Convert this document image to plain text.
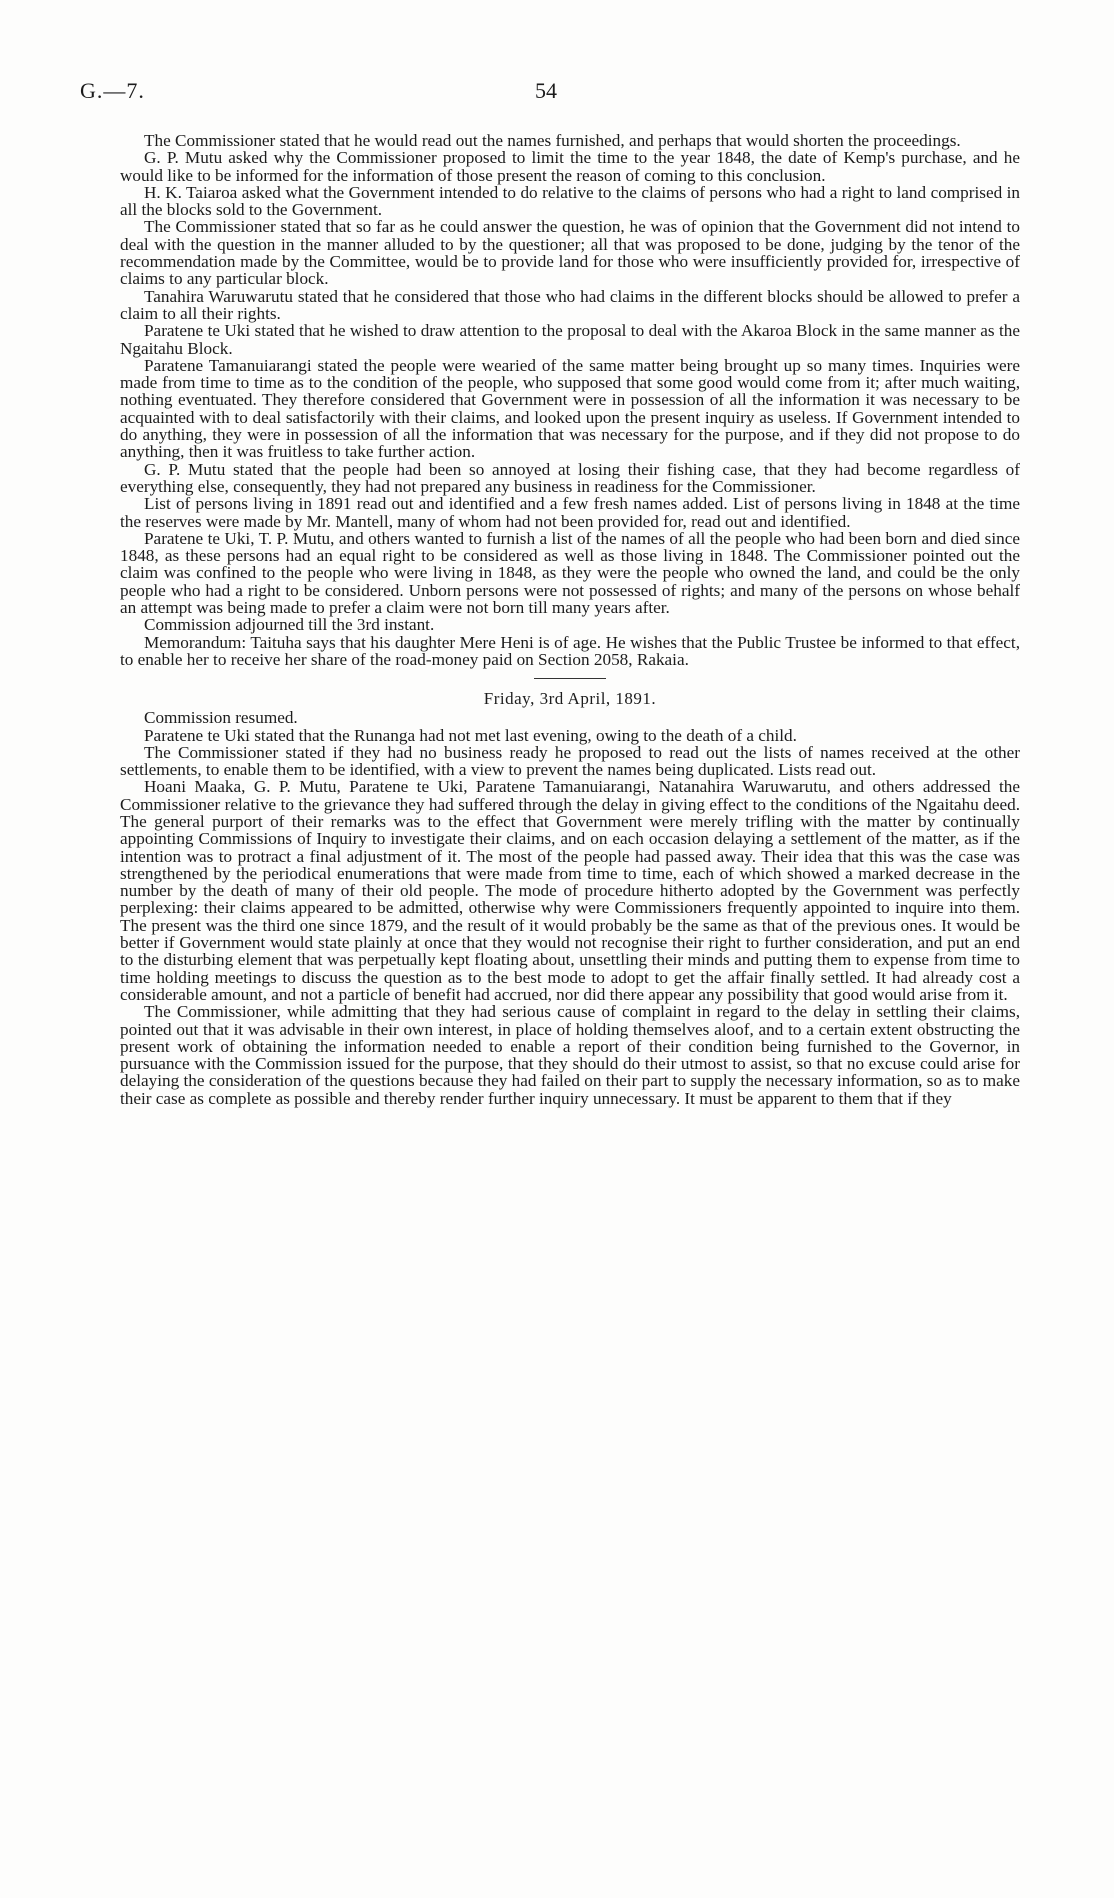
G.—7.	54

The Commissioner stated that he would read out the names furnished, and perhaps that would shorten the proceedings.

G. P. Mutu asked why the Commissioner proposed to limit the time to the year 1848, the date of Kemp's purchase, and he would like to be informed for the information of those present the reason of coming to this conclusion.

H. K. Taiaroa asked what the Government intended to do relative to the claims of persons who had a right to land comprised in all the blocks sold to the Government.

The Commissioner stated that so far as he could answer the question, he was of opinion that the Government did not intend to deal with the question in the manner alluded to by the questioner; all that was proposed to be done, judging by the tenor of the recommendation made by the Committee, would be to provide land for those who were insufficiently provided for, irrespective of claims to any particular block.

Tanahira Waruwarutu stated that he considered that those who had claims in the different blocks should be allowed to prefer a claim to all their rights.

Paratene te Uki stated that he wished to draw attention to the proposal to deal with the Akaroa Block in the same manner as the Ngaitahu Block.

Paratene Tamanuiarangi stated the people were wearied of the same matter being brought up so many times. Inquiries were made from time to time as to the condition of the people, who supposed that some good would come from it; after much waiting, nothing eventuated. They therefore considered that Government were in possession of all the information it was necessary to be acquainted with to deal satisfactorily with their claims, and looked upon the present inquiry as useless. If Government intended to do anything, they were in possession of all the information that was necessary for the purpose, and if they did not propose to do anything, then it was fruitless to take further action.

G. P. Mutu stated that the people had been so annoyed at losing their fishing case, that they had become regardless of everything else, consequently, they had not prepared any business in readiness for the Commissioner.

List of persons living in 1891 read out and identified and a few fresh names added. List of persons living in 1848 at the time the reserves were made by Mr. Mantell, many of whom had not been provided for, read out and identified.

Paratene te Uki, T. P. Mutu, and others wanted to furnish a list of the names of all the people who had been born and died since 1848, as these persons had an equal right to be considered as well as those living in 1848. The Commissioner pointed out the claim was confined to the people who were living in 1848, as they were the people who owned the land, and could be the only people who had a right to be considered. Unborn persons were not possessed of rights; and many of the persons on whose behalf an attempt was being made to prefer a claim were not born till many years after.

Commission adjourned till the 3rd instant.

Memorandum: Taituha says that his daughter Mere Heni is of age. He wishes that the Public Trustee be informed to that effect, to enable her to receive her share of the road-money paid on Section 2058, Rakaia.

Friday, 3rd April, 1891.

Commission resumed.

Paratene te Uki stated that the Runanga had not met last evening, owing to the death of a child.

The Commissioner stated if they had no business ready he proposed to read out the lists of names received at the other settlements, to enable them to be identified, with a view to prevent the names being duplicated. Lists read out.

Hoani Maaka, G. P. Mutu, Paratene te Uki, Paratene Tamanuiarangi, Natanahira Waruwarutu, and others addressed the Commissioner relative to the grievance they had suffered through the delay in giving effect to the conditions of the Ngaitahu deed. The general purport of their remarks was to the effect that Government were merely trifling with the matter by continually appointing Commissions of Inquiry to investigate their claims, and on each occasion delaying a settlement of the matter, as if the intention was to protract a final adjustment of it. The most of the people had passed away. Their idea that this was the case was strengthened by the periodical enumerations that were made from time to time, each of which showed a marked decrease in the number by the death of many of their old people. The mode of procedure hitherto adopted by the Government was perfectly perplexing: their claims appeared to be admitted, otherwise why were Commissioners frequently appointed to inquire into them. The present was the third one since 1879, and the result of it would probably be the same as that of the previous ones. It would be better if Government would state plainly at once that they would not recognise their right to further consideration, and put an end to the disturbing element that was perpetually kept floating about, unsettling their minds and putting them to expense from time to time holding meetings to discuss the question as to the best mode to adopt to get the affair finally settled. It had already cost a considerable amount, and not a particle of benefit had accrued, nor did there appear any possibility that good would arise from it.

The Commissioner, while admitting that they had serious cause of complaint in regard to the delay in settling their claims, pointed out that it was advisable in their own interest, in place of holding themselves aloof, and to a certain extent obstructing the present work of obtaining the information needed to enable a report of their condition being furnished to the Governor, in pursuance with the Commission issued for the purpose, that they should do their utmost to assist, so that no excuse could arise for delaying the consideration of the questions because they had failed on their part to supply the necessary information, so as to make their case as complete as possible and thereby render further inquiry unnecessary. It must be apparent to them that if they
